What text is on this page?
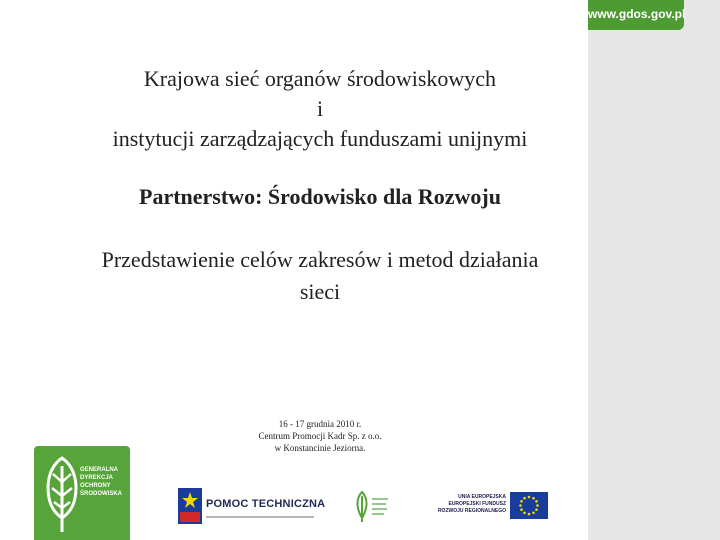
www.gdos.gov.pl
Krajowa sieć organów środowiskowych
i
instytucji zarządzających funduszami unijnymi
Partnerstwo: Środowisko dla Rozwoju
Przedstawienie celów zakresów i metod działania
sieci
16 - 17 grudnia 2010 r.
Centrum Promocji Kadr Sp. z o.o.
w Konstancinie Jeziorna.
GENERALNA
DYREKCJA
OCHRONY
ŚRODOWISKA
POMOC TECHNICZNA
UNIA EUROPEJSKA
EUROPEJSKI FUNDUSZ
ROZWOJU REGIONALNEGO
